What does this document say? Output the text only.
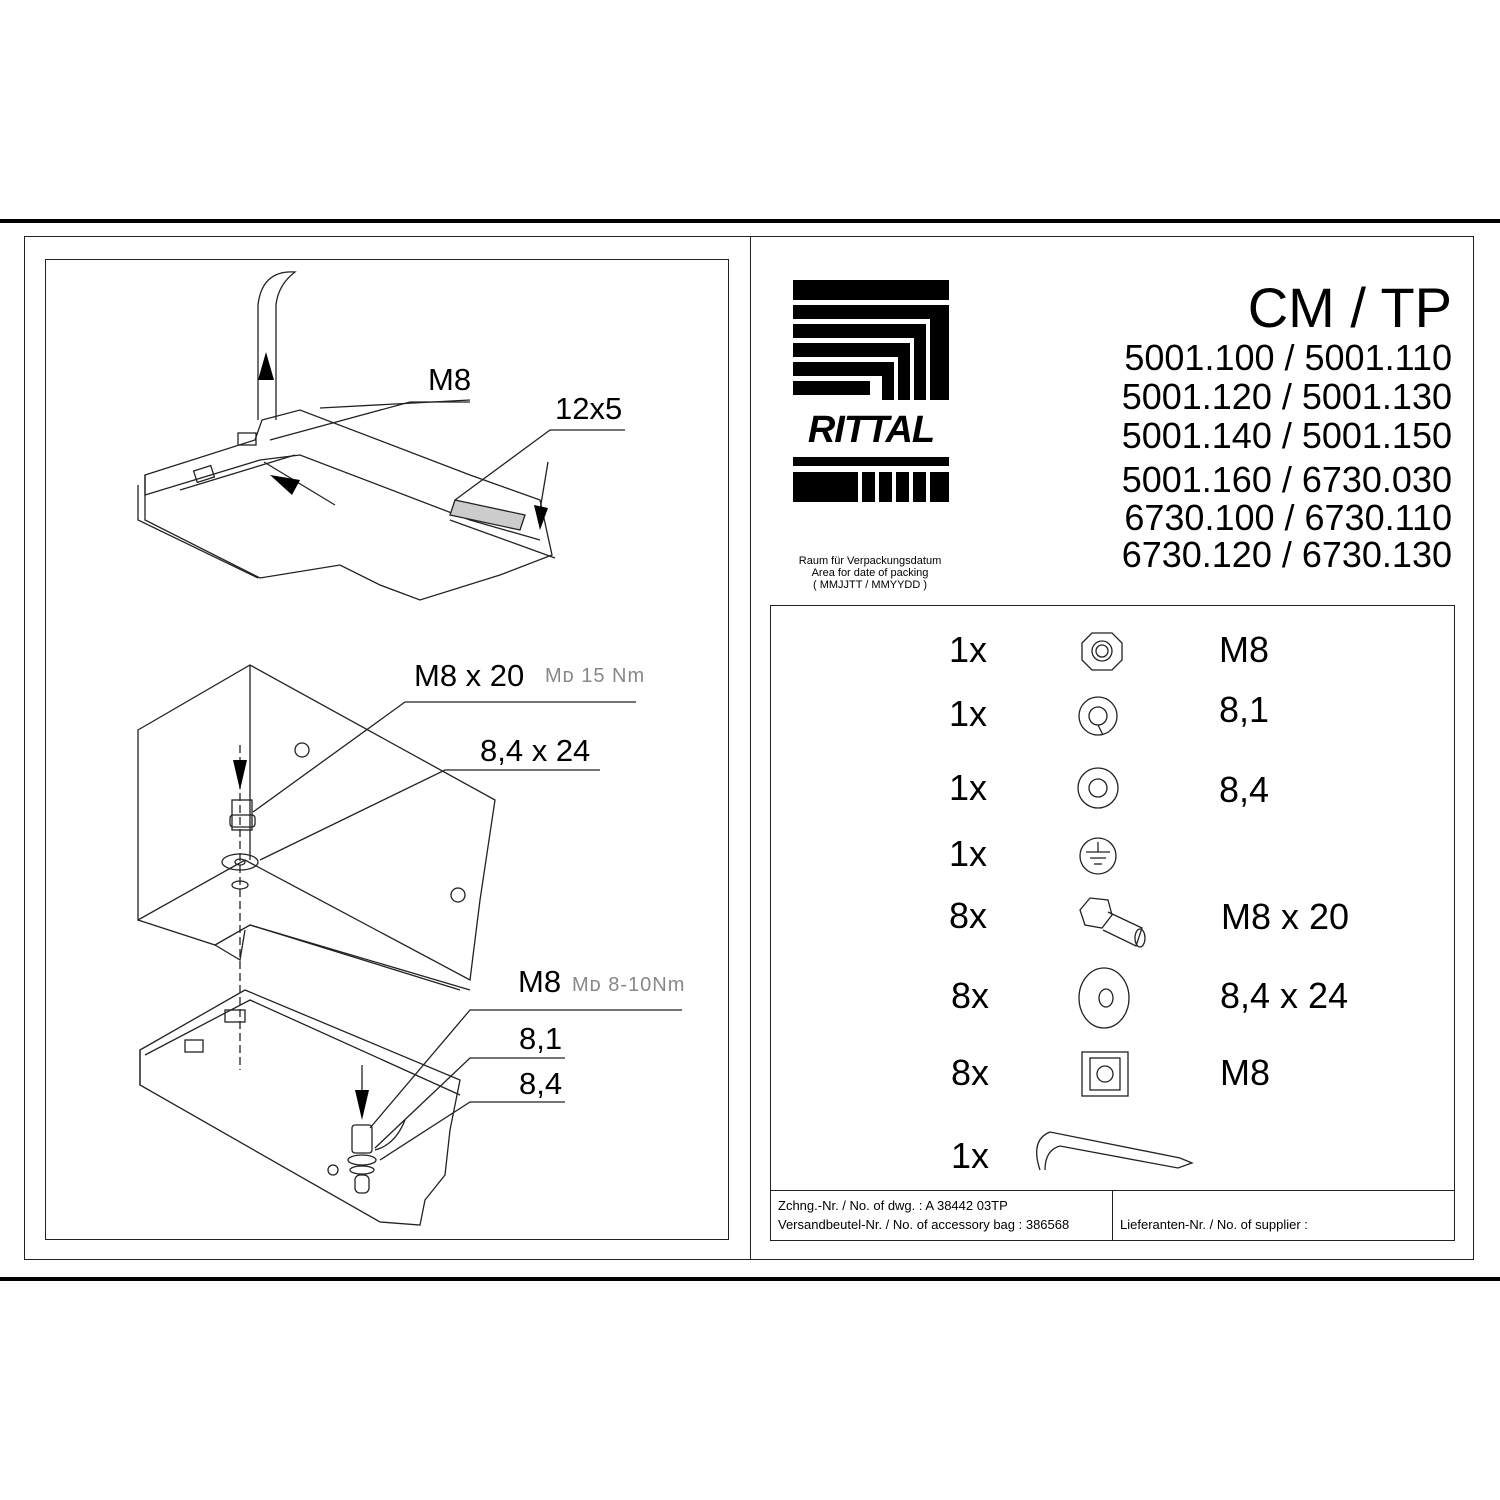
M8
12x5
M8 x 20 Mᴅ 15 Nm
8,4 x 24
M8 Mᴅ 8-10Nm
8,1
8,4
RITTAL
CM / TP
5001.100 / 5001.110
5001.120 / 5001.130
5001.140 / 5001.150
5001.160 / 6730.030
6730.100 / 6730.110
6730.120 / 6730.130
Raum für Verpackungsdatum
Area for date of packing
( MMJJTT / MMYYDD )
1x	M8
1x	8,1
1x	8,4
1x
8x	M8 x 20
8x	8,4 x 24
8x	M8
1x
Zchng.-Nr. / No. of dwg. : A 38442 03TP
Versandbeutel-Nr. / No. of accessory bag : 386568	Lieferanten-Nr. / No. of supplier :
